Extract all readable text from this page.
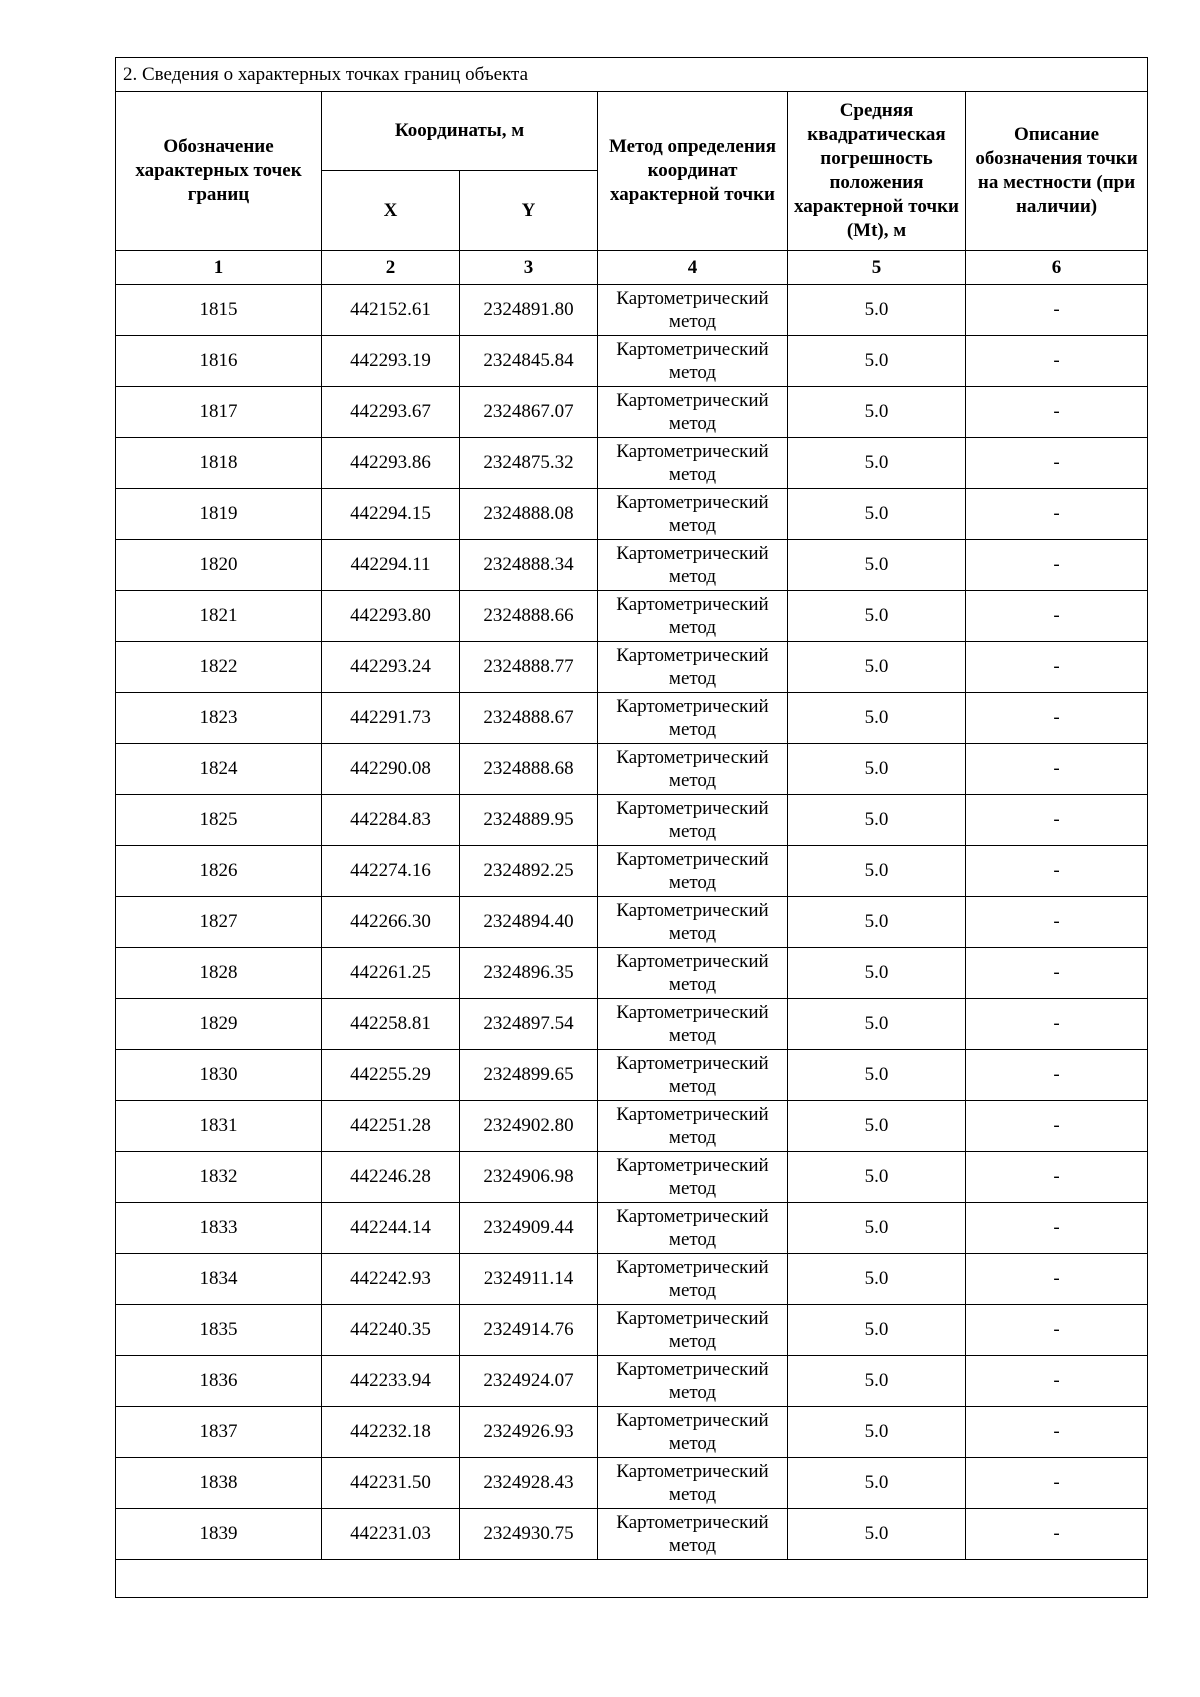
2. Сведения о характерных точках границ объекта					
Обозначение характерных точек границ	Координаты, м		Метод определения координат характерной точки	Средняя квадратическая погрешность положения характерной точки (Mt), м	Описание обозначения точки на местности (при наличии)
	X	Y			
1	2	3	4	5	6
1815	442152.61	2324891.80	Картометрический метод	5.0	-
1816	442293.19	2324845.84	Картометрический метод	5.0	-
1817	442293.67	2324867.07	Картометрический метод	5.0	-
1818	442293.86	2324875.32	Картометрический метод	5.0	-
1819	442294.15	2324888.08	Картометрический метод	5.0	-
1820	442294.11	2324888.34	Картометрический метод	5.0	-
1821	442293.80	2324888.66	Картометрический метод	5.0	-
1822	442293.24	2324888.77	Картометрический метод	5.0	-
1823	442291.73	2324888.67	Картометрический метод	5.0	-
1824	442290.08	2324888.68	Картометрический метод	5.0	-
1825	442284.83	2324889.95	Картометрический метод	5.0	-
1826	442274.16	2324892.25	Картометрический метод	5.0	-
1827	442266.30	2324894.40	Картометрический метод	5.0	-
1828	442261.25	2324896.35	Картометрический метод	5.0	-
1829	442258.81	2324897.54	Картометрический метод	5.0	-
1830	442255.29	2324899.65	Картометрический метод	5.0	-
1831	442251.28	2324902.80	Картометрический метод	5.0	-
1832	442246.28	2324906.98	Картометрический метод	5.0	-
1833	442244.14	2324909.44	Картометрический метод	5.0	-
1834	442242.93	2324911.14	Картометрический метод	5.0	-
1835	442240.35	2324914.76	Картометрический метод	5.0	-
1836	442233.94	2324924.07	Картометрический метод	5.0	-
1837	442232.18	2324926.93	Картометрический метод	5.0	-
1838	442231.50	2324928.43	Картометрический метод	5.0	-
1839	442231.03	2324930.75	Картометрический метод	5.0	-
